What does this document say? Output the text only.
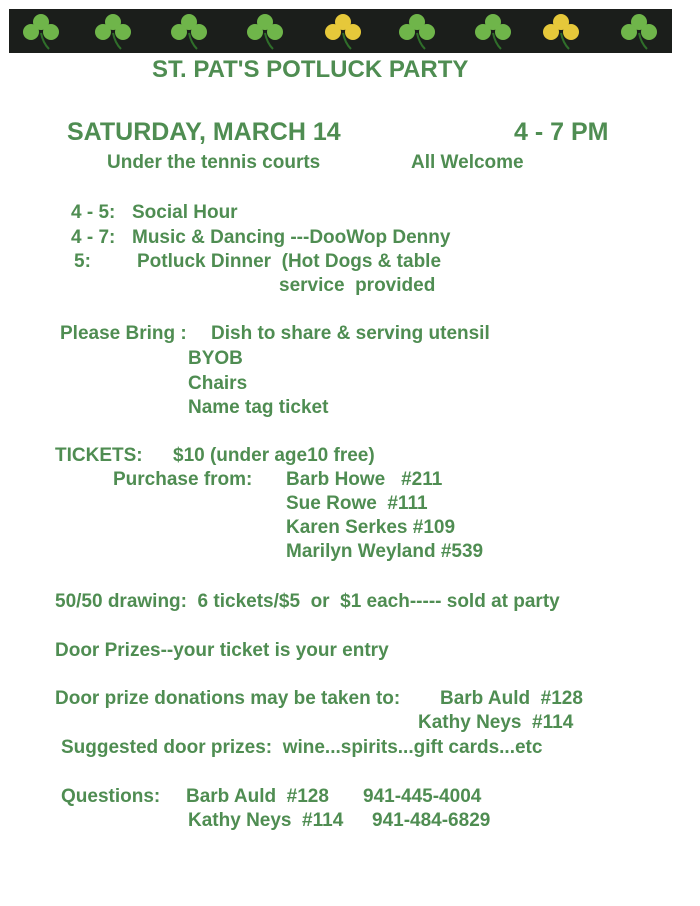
ST. PAT'S POTLUCK PARTY
SATURDAY, MARCH 14	4 - 7 PM
Under the tennis courts	All Welcome
4 - 5: Social Hour
4 - 7: Music & Dancing ---DooWop Denny
5: Potluck Dinner  (Hot Dogs & table
service  provided
Please Bring : Dish to share & serving utensil
BYOB
Chairs
Name tag ticket
TICKETS: $10 (under age10 free)
Purchase from: Barb Howe   #211
Sue Rowe  #111
Karen Serkes #109
Marilyn Weyland #539
50/50 drawing:  6 tickets/$5  or  $1 each----- sold at party
Door Prizes--your ticket is your entry
Door prize donations may be taken to: Barb Auld  #128
Kathy Neys  #114
Suggested door prizes:  wine...spirits...gift cards...etc
Questions: Barb Auld  #128 941-445-4004
Kathy Neys  #114 941-484-6829
